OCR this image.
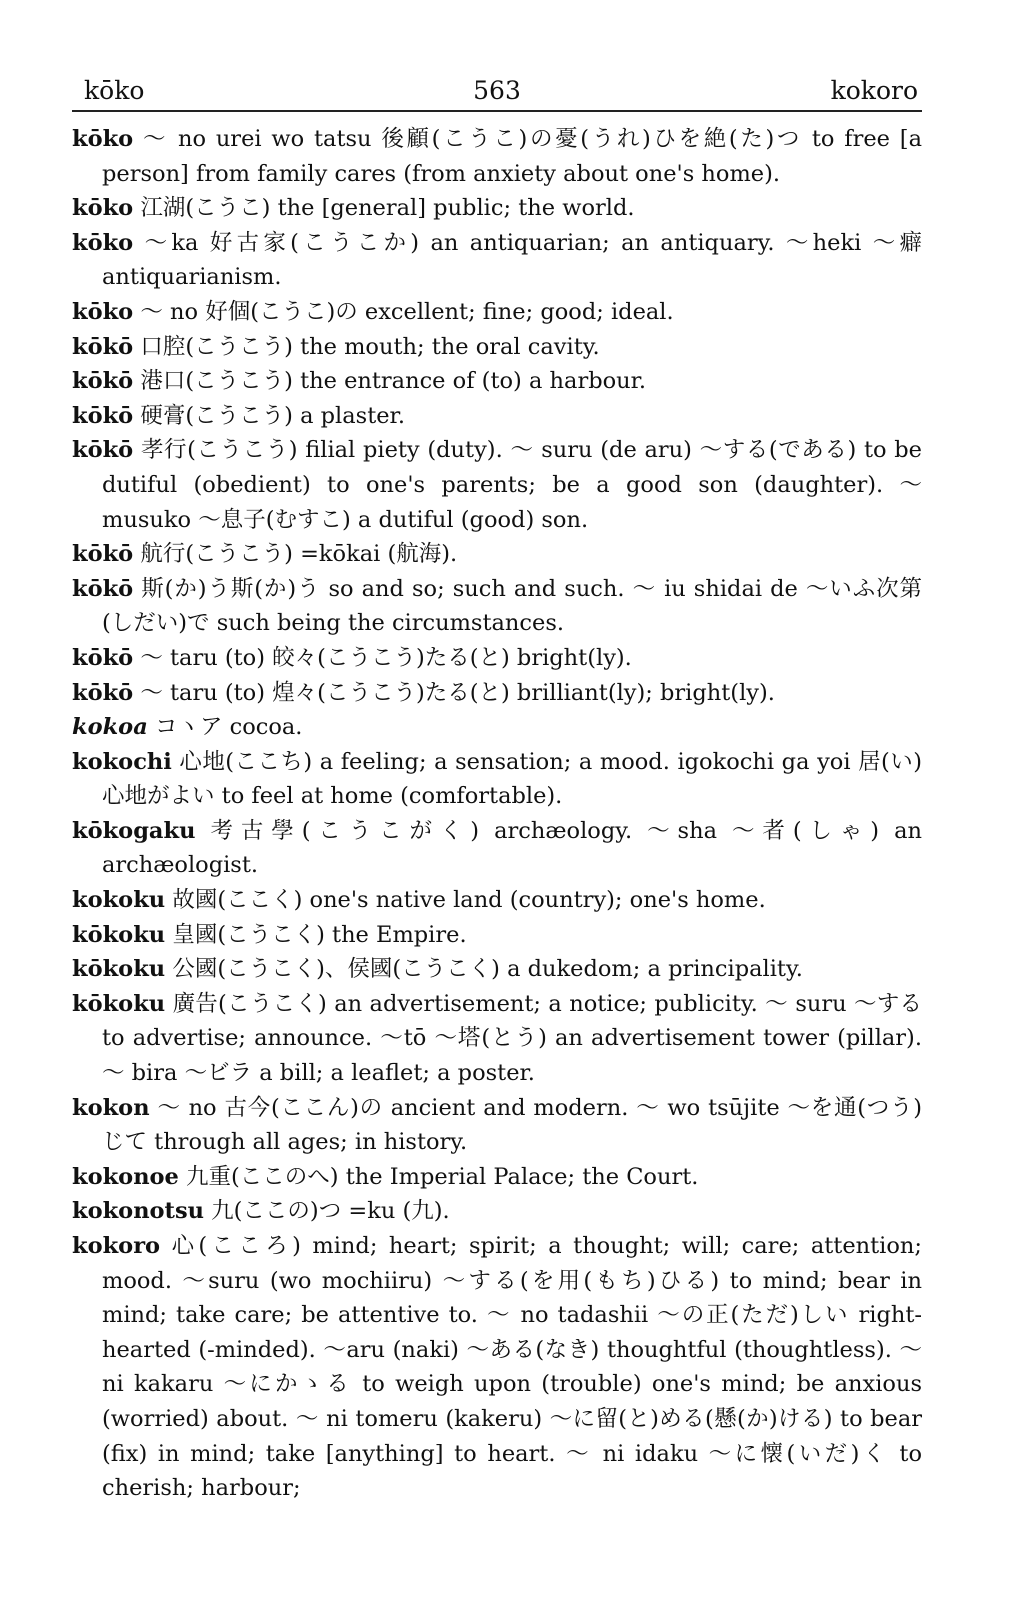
kōko	563	kokoro

kōko ～ no urei wo tatsu 後顧(こうこ)の憂(うれ)ひを絶(た)つ to free [a person] from family cares (from anxiety about one's home).

kōko 江湖(こうこ) the [general] public; the world.

kōko ～ka 好古家(こうこか) an antiquarian; an antiquary. ～heki ～癖 antiquarianism.

kōko ～ no 好個(こうこ)の excellent; fine; good; ideal.

kōkō 口腔(こうこう) the mouth; the oral cavity.

kōkō 港口(こうこう) the entrance of (to) a harbour.

kōkō 硬膏(こうこう) a plaster.

kōkō 孝行(こうこう) filial piety (duty). ～ suru (de aru) ～する(である) to be dutiful (obedient) to one's parents; be a good son (daughter). ～ musuko ～息子(むすこ) a dutiful (good) son.

kōkō 航行(こうこう) =kōkai (航海).

kōkō 斯(か)う斯(か)う so and so; such and such. ～ iu shidai de ～いふ次第(しだい)で such being the circumstances.

kōkō ～ taru (to) 皎々(こうこう)たる(と) bright(ly).

kōkō ～ taru (to) 煌々(こうこう)たる(と) brilliant(ly); bright(ly).

kokoa コヽア cocoa.

kokochi 心地(ここち) a feeling; a sensation; a mood. igokochi ga yoi 居(い)心地がよい to feel at home (comfortable).

kōkogaku 考古學(こうこがく) archæology. ～sha ～者(しゃ) an archæologist.

kokoku 故國(ここく) one's native land (country); one's home.

kōkoku 皇國(こうこく) the Empire.

kōkoku 公國(こうこく)、侯國(こうこく) a dukedom; a principality.

kōkoku 廣告(こうこく) an advertisement; a notice; publicity. ～ suru ～する to advertise; announce. ～tō ～塔(とう) an advertisement tower (pillar). ～ bira ～ビラ a bill; a leaflet; a poster.

kokon ～ no 古今(ここん)の ancient and modern. ～ wo tsūjite ～を通(つう)じて through all ages; in history.

kokonoe 九重(ここのへ) the Imperial Palace; the Court.

kokonotsu 九(ここの)つ =ku (九).

kokoro 心(こころ) mind; heart; spirit; a thought; will; care; attention; mood. ～suru (wo mochiiru) ～する(を用(もち)ひる) to mind; bear in mind; take care; be attentive to. ～ no tadashii ～の正(ただ)しい right-hearted (-minded). ～aru (naki) ～ある(なき) thoughtful (thoughtless). ～ ni kakaru ～にかゝる to weigh upon (trouble) one's mind; be anxious (worried) about. ～ ni tomeru (kakeru) ～に留(と)める(懸(か)ける) to bear (fix) in mind; take [anything] to heart. ～ ni idaku ～に懐(いだ)く to cherish; harbour;
